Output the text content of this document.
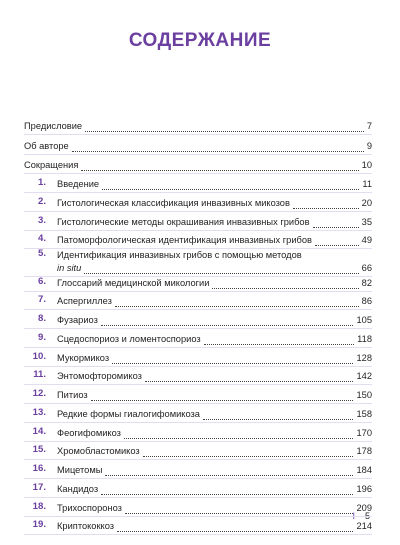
СОДЕРЖАНИЕ
I 5
Предисловие	7
Об авторе	9
Сокращения	10
1. Введение	11
2. Гистологическая классификация инвазивных микозов	20
3. Гистологические методы окрашивания инвазивных грибов	35
4. Патоморфологическая идентификация инвазивных грибов	49
5. Идентификация инвазивных грибов с помощью методов
in situ	66
6. Глоссарий медицинской микологии	82
7. Аспергиллез	86
8. Фузариоз	105
9. Сцедоспориоз и ломентоспориоз	118
10. Мукормикоз	128
11. Энтомофторомикоз	142
12. Питиоз	150
13. Редкие формы гиалогифомикоза	158
14. Феогифомикоз	170
15. Хромобластомикоз	178
16. Мицетомы	184
17. Кандидоз	196
18. Трихоспороноз	209
19. Криптококкоз	214
